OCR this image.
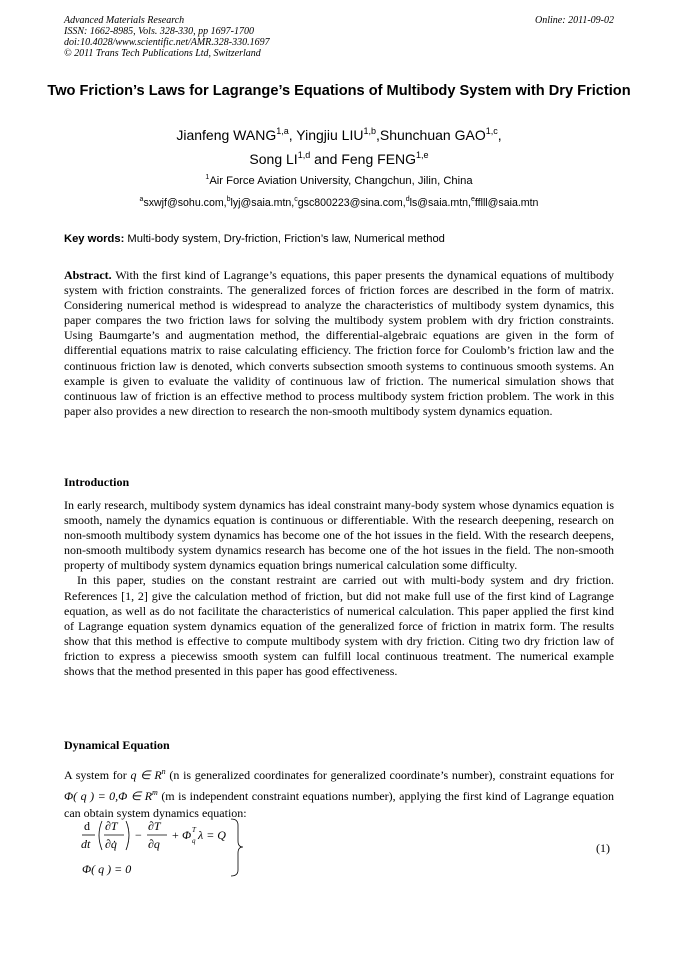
Advanced Materials Research
ISSN: 1662-8985, Vols. 328-330, pp 1697-1700
doi:10.4028/www.scientific.net/AMR.328-330.1697
© 2011 Trans Tech Publications Ltd, Switzerland
Online: 2011-09-02
Two Friction’s Laws for Lagrange’s Equations of Multibody System with Dry Friction
Jianfeng WANG$^{1,a}$, Yingjiu LIU$^{1,b}$,Shunchuan GAO$^{1,c}$,
Song LI$^{1,d}$ and Feng FENG$^{1,e}$
$^1$Air Force Aviation University, Changchun, Jilin, China
$^a$sxwjf@sohu.com,$^b$lyj@saia.mtn,$^c$gsc800223@sina.com,$^d$ls@saia.mtn,$^e$fflll@saia.mtn
Key words: Multi-body system, Dry-friction, Friction’s law, Numerical method
Abstract. With the first kind of Lagrange’s equations, this paper presents the dynamical equations of multibody system with friction constraints. The generalized forces of friction forces are described in the form of matrix. Considering numerical method is widespread to analyze the characteristics of multibody system dynamics, this paper compares the two friction laws for solving the multibody system problem with dry friction constraints. Using Baumgarte’s and augmentation method, the differential-algebraic equations are given in the form of differential equations matrix to raise calculating efficiency. The friction force for Coulomb’s friction law and the continuous friction law is denoted, which converts subsection smooth systems to continuous smooth systems. An example is given to evaluate the validity of continuous law of friction. The numerical simulation shows that continuous law of friction is an effective method to process multibody system friction problem. The work in this paper also provides a new direction to research the non-smooth multibody system dynamics equation.
Introduction
In early research, multibody system dynamics has ideal constraint many-body system whose dynamics equation is smooth, namely the dynamics equation is continuous or differentiable. With the research deepening, research on non-smooth multibody system dynamics has become one of the hot issues in the field. With the research deepens, non-smooth multibody system dynamics research has become one of the hot issues in the field. The non-smooth property of multibody system dynamics equation brings numerical calculation some difficulty.
In this paper, studies on the constant restraint are carried out with multi-body system and dry friction. References [1, 2] give the calculation method of friction, but did not make full use of the first kind of Lagrange equation, as well as do not facilitate the characteristics of numerical calculation. This paper applied the first kind of Lagrange equation system dynamics equation of the generalized force of friction in matrix form. The results show that this method is effective to compute multibody system with dry friction. Citing two dry friction law of friction to express a piecewiss smooth system can fulfill local continuous treatment. The numerical example shows that the method presented in this paper has good effectiveness.
Dynamical Equation
A system for q ∈ $R^n$ (n is generalized coordinates for generalized coordinate’s number), constraint equations for Φ( q ) = 0,Φ ∈ $R^m$ (m is independent constraint equations number), applying the first kind of Lagrange equation can obtain system dynamics equation:
d
dt
∂T
∂q̇
−
∂T
∂q
+ Φ T
q λ = Q
Φ( q ) = 0
(1)
